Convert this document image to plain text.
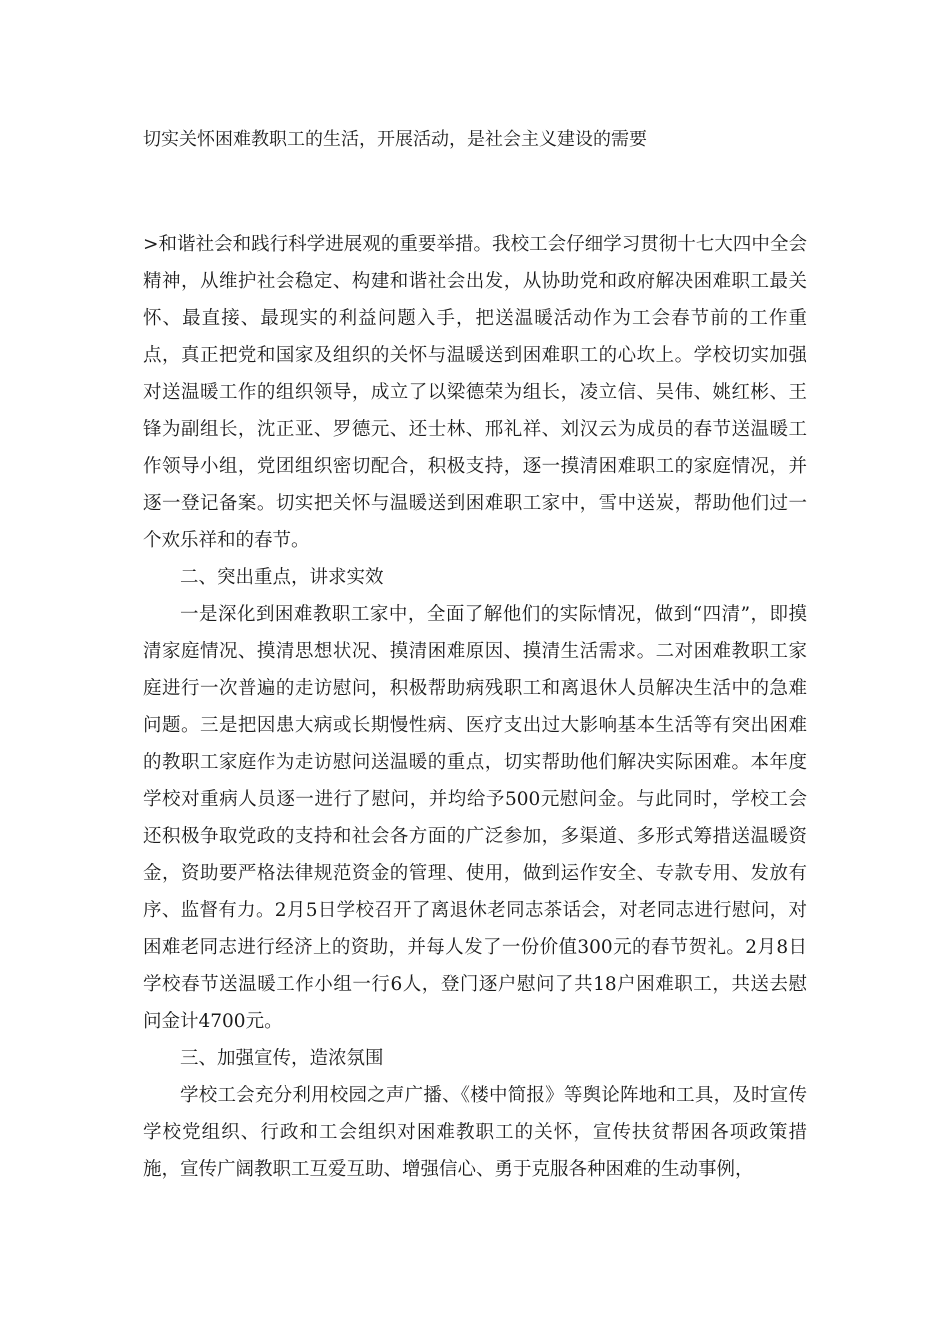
切实关怀困难教职工的生活，开展活动，是社会主义建设的需要

>和谐社会和践行科学进展观的重要举措。我校工会仔细学习贯彻十七大四中全会精神，从维护社会稳定、构建和谐社会出发，从协助党和政府解决困难职工最关怀、最直接、最现实的利益问题入手，把送温暖活动作为工会春节前的工作重点，真正把党和国家及组织的关怀与温暖送到困难职工的心坎上。学校切实加强对送温暖工作的组织领导，成立了以梁德荣为组长，凌立信、吴伟、姚红彬、王锋为副组长，沈正亚、罗德元、还士林、邢礼祥、刘汉云为成员的春节送温暖工作领导小组，党团组织密切配合，积极支持，逐一摸清困难职工的家庭情况，并逐一登记备案。切实把关怀与温暖送到困难职工家中，雪中送炭，帮助他们过一个欢乐祥和的春节。

二、突出重点，讲求实效

一是深化到困难教职工家中，全面了解他们的实际情况，做到“四清”，即摸清家庭情况、摸清思想状况、摸清困难原因、摸清生活需求。二对困难教职工家庭进行一次普遍的走访慰问，积极帮助病残职工和离退休人员解决生活中的急难问题。三是把因患大病或长期慢性病、医疗支出过大影响基本生活等有突出困难的教职工家庭作为走访慰问送温暖的重点，切实帮助他们解决实际困难。本年度学校对重病人员逐一进行了慰问，并均给予500元慰问金。与此同时，学校工会还积极争取党政的支持和社会各方面的广泛参加，多渠道、多形式筹措送温暖资金，资助要严格法律规范资金的管理、使用，做到运作安全、专款专用、发放有序、监督有力。2月5日学校召开了离退休老同志茶话会，对老同志进行慰问，对困难老同志进行经济上的资助，并每人发了一份价值300元的春节贺礼。2月8日学校春节送温暖工作小组一行6人，登门逐户慰问了共18户困难职工，共送去慰问金计4700元。

三、加强宣传，造浓氛围

学校工会充分利用校园之声广播、《楼中简报》等舆论阵地和工具，及时宣传学校党组织、行政和工会组织对困难教职工的关怀，宣传扶贫帮困各项政策措施，宣传广阔教职工互爱互助、增强信心、勇于克服各种困难的生动事例，
